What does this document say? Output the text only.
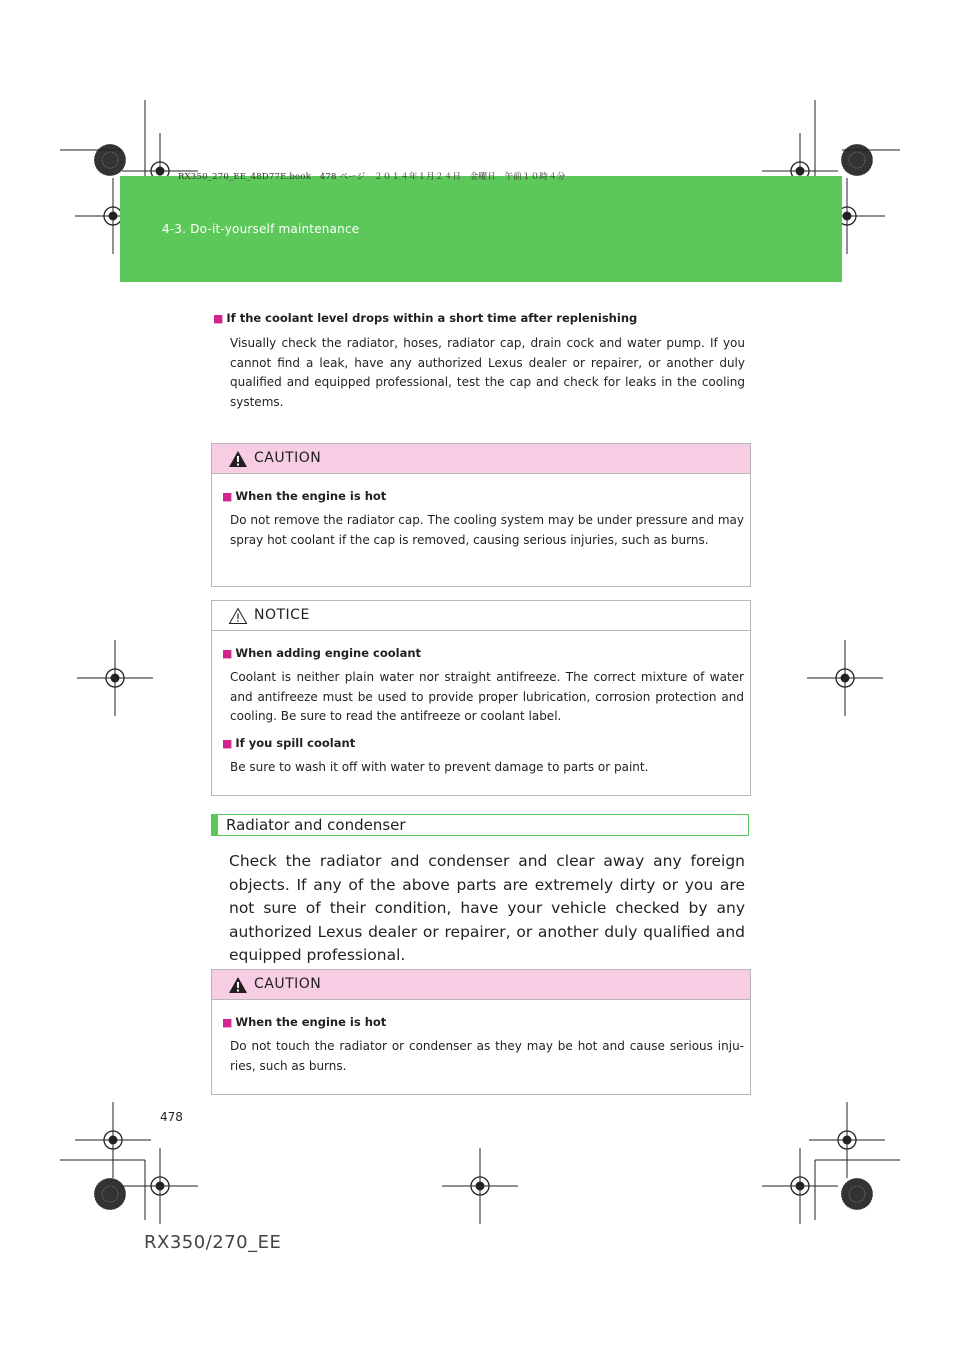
RX350_270_EE_48D77E.book　478 ページ　２０１４年１月２４日　金曜日　午前１０時４分
4-3. Do-it-yourself maintenance
■ If the coolant level drops within a short time after replenishing
Visually check the radiator, hoses, radiator cap, drain cock and water pump. If you cannot find a leak, have any authorized Lexus dealer or repairer, or another duly qualified and equipped professional, test the cap and check for leaks in the cooling systems.
CAUTION
■ When the engine is hot
Do not remove the radiator cap. The cooling system may be under pressure and may spray hot coolant if the cap is removed, causing serious injuries, such as burns.
NOTICE
■ When adding engine coolant
Coolant is neither plain water nor straight antifreeze. The correct mixture of water and antifreeze must be used to provide proper lubrication, corrosion protection and cooling. Be sure to read the antifreeze or coolant label.
■ If you spill coolant
Be sure to wash it off with water to prevent damage to parts or paint.
Radiator and condenser
Check the radiator and condenser and clear away any foreign objects. If any of the above parts are extremely dirty or you are not sure of their condition, have your vehicle checked by any authorized Lexus dealer or repairer, or another duly qualified and equipped professional.
CAUTION
■ When the engine is hot
Do not touch the radiator or condenser as they may be hot and cause serious inju-ries, such as burns.
478
RX350/270_EE
